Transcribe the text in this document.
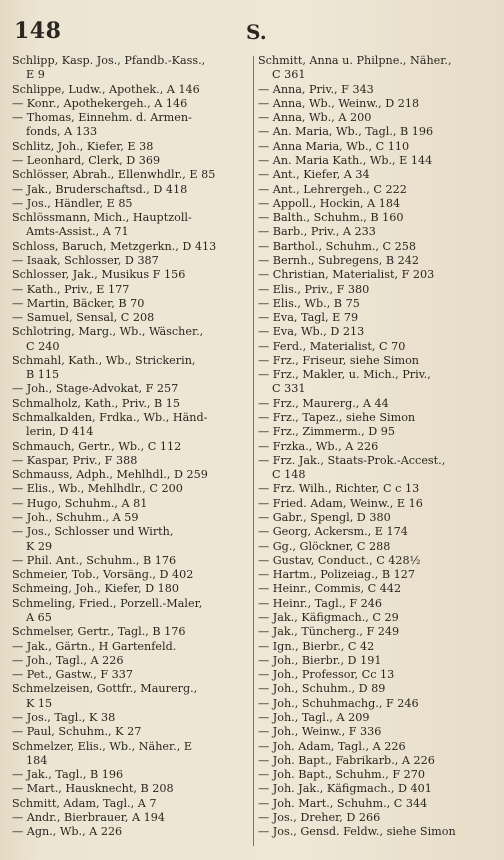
148	S.
Schlipp, Kasp. Jos., Pfandb.-Kass.,
E 9
Schlippe, Ludw., Apothek., A 146
— Konr., Apothekergeh., A 146
— Thomas, Einnehm. d. Armen-
fonds, A 133
Schlitz, Joh., Kiefer, E 38
— Leonhard, Clerk, D 369
Schlösser, Abrah., Ellenwhdlr., E 85
— Jak., Bruderschaftsd., D 418
— Jos., Händler, E 85
Schlössmann, Mich., Hauptzoll-
Amts-Assist., A 71
Schloss, Baruch, Metzgerkn., D 413
— Isaak, Schlosser, D 387
Schlosser, Jak., Musikus F 156
— Kath., Priv., E 177
— Martin, Bäcker, B 70
— Samuel, Sensal, C 208
Schlotring, Marg., Wb., Wäscher.,
C 240
Schmahl, Kath., Wb., Strickerin,
B 115
— Joh., Stage-Advokat, F 257
Schmalholz, Kath., Priv., B 15
Schmalkalden, Frdka., Wb., Händ-
lerin, D 414
Schmauch, Gertr., Wb., C 112
— Kaspar, Priv., F 388
Schmauss, Adph., Mehlhdl., D 259
— Elis., Wb., Mehlhdlr., C 200
— Hugo, Schuhm., A 81
— Joh., Schuhm., A 59
— Jos., Schlosser und Wirth,
K 29
— Phil. Ant., Schuhm., B 176
Schmeier, Tob., Vorsäng., D 402
Schmeing, Joh., Kiefer, D 180
Schmeling, Fried., Porzell.-Maler,
A 65
Schmelser, Gertr., Tagl., B 176
— Jak., Gärtn., H Gartenfeld.
— Joh., Tagl., A 226
— Pet., Gastw., F 337
Schmelzeisen, Gottfr., Maurerg.,
K 15
— Jos., Tagl., K 38
— Paul, Schuhm., K 27
Schmelzer, Elis., Wb., Näher., E
184
— Jak., Tagl., B 196
— Mart., Hausknecht, B 208
Schmitt, Adam, Tagl., A 7
— Andr., Bierbrauer, A 194
— Agn., Wb., A 226
Schmitt, Anna u. Philpne., Näher.,
C 361
— Anna, Priv., F 343
— Anna, Wb., Weinw., D 218
— Anna, Wb., A 200
— An. Maria, Wb., Tagl., B 196
— Anna Maria, Wb., C 110
— An. Maria Kath., Wb., E 144
— Ant., Kiefer, A 34
— Ant., Lehrergeh., C 222
— Appoll., Hockin, A 184
— Balth., Schuhm., B 160
— Barb., Priv., A 233
— Barthol., Schuhm., C 258
— Bernh., Subregens, B 242
— Christian, Materialist, F 203
— Elis., Priv., F 380
— Elis., Wb., B 75
— Eva, Tagl, E 79
— Eva, Wb., D 213
— Ferd., Materialist, C 70
— Frz., Friseur, siehe Simon
— Frz., Makler, u. Mich., Priv.,
C 331
— Frz., Maurerg., A 44
— Frz., Tapez., siehe Simon
— Frz., Zimmerm., D 95
— Frzka., Wb., A 226
— Frz. Jak., Staats-Prok.-Accest.,
C 148
— Frz. Wilh., Richter, C c 13
— Fried. Adam, Weinw., E 16
— Gabr., Spengl, D 380
— Georg, Ackersm., E 174
— Gg., Glöckner, C 288
— Gustav, Conduct., C 428½
— Hartm., Polizeiag., B 127
— Heinr., Commis, C 442
— Heinr., Tagl., F 246
— Jak., Käfigmach., C 29
— Jak., Tüncherg., F 249
— Ign., Bierbr., C 42
— Joh., Bierbr., D 191
— Joh., Professor, Cc 13
— Joh., Schuhm., D 89
— Joh., Schuhmachg., F 246
— Joh., Tagl., A 209
— Joh., Weinw., F 336
— Joh. Adam, Tagl., A 226
— Joh. Bapt., Fabrikarb., A 226
— Joh. Bapt., Schuhm., F 270
— Joh. Jak., Käfigmach., D 401
— Joh. Mart., Schuhm., C 344
— Jos., Dreher, D 266
— Jos., Gensd. Feldw., siehe Simon
